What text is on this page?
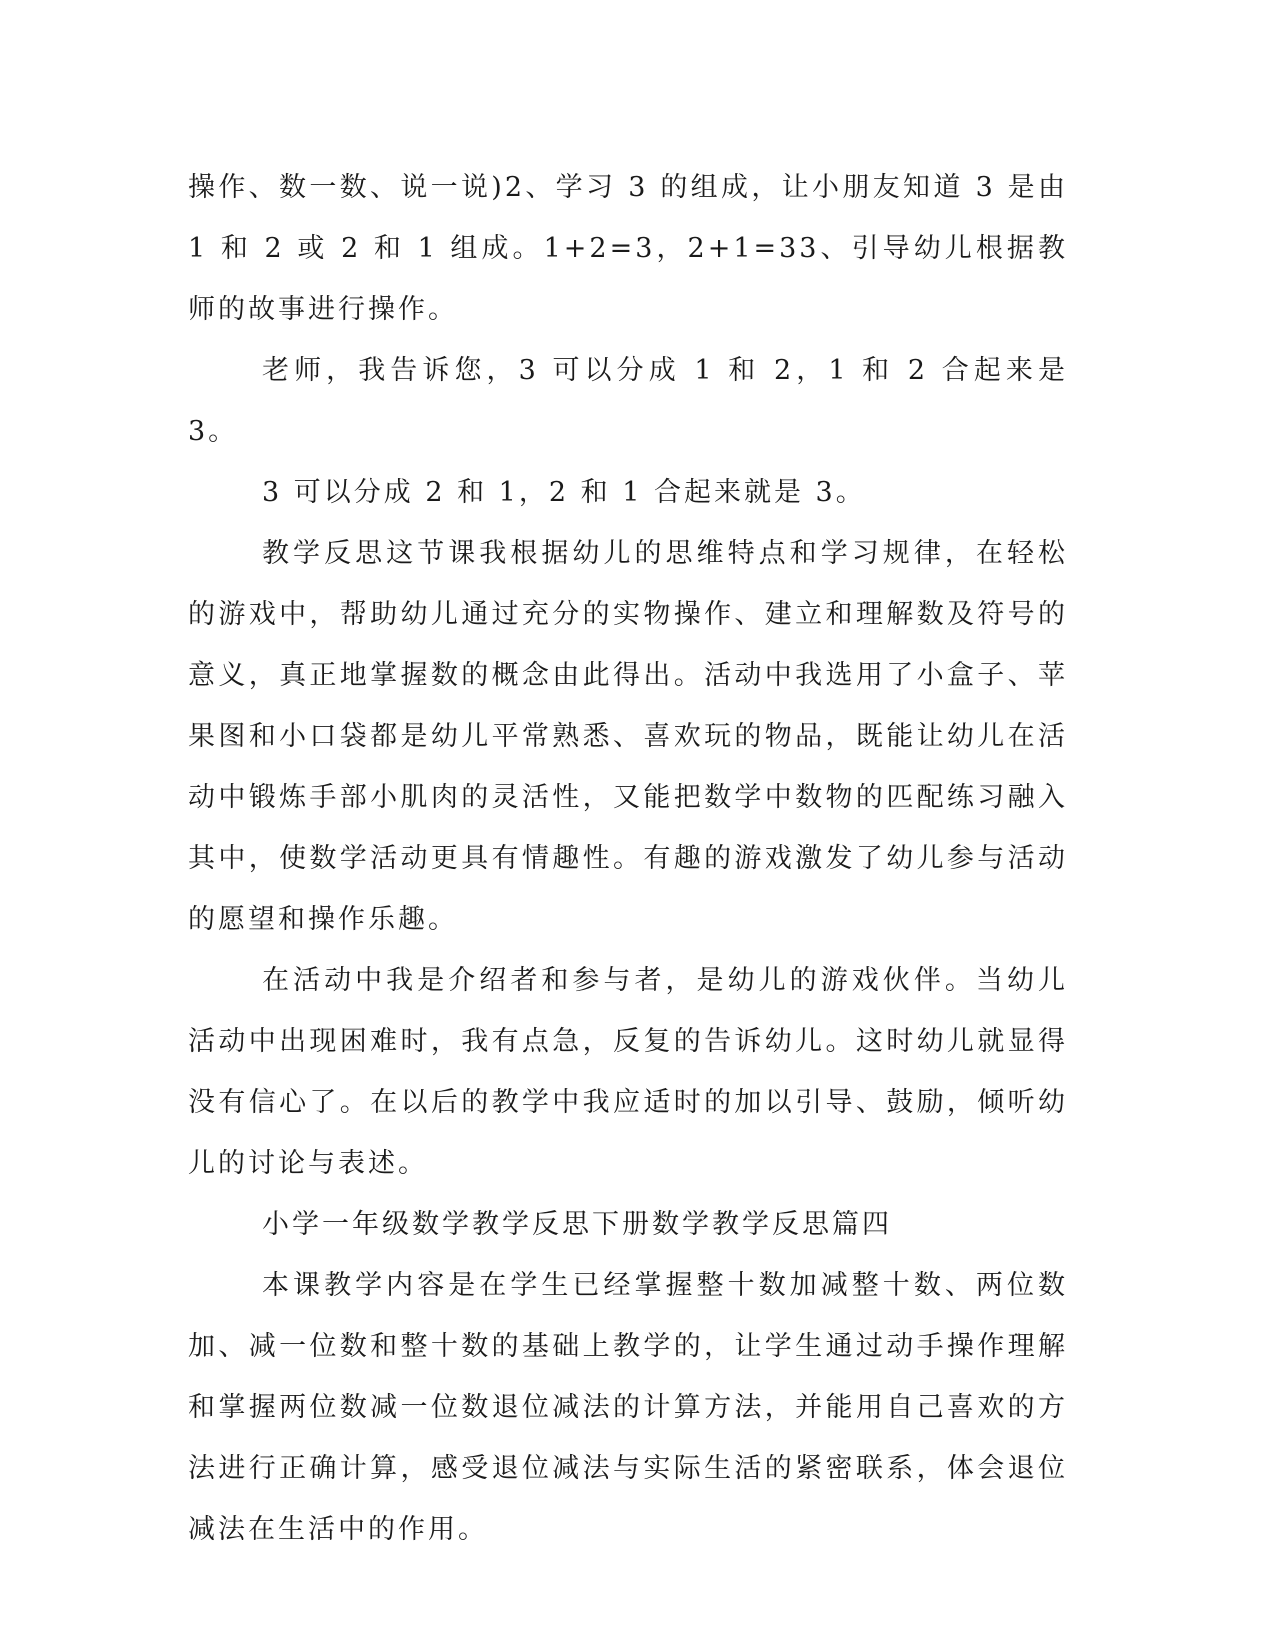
操作、数一数、说一说)2、学习 3 的组成，让小朋友知道 3 是由 1 和 2 或 2 和 1 组成。1+2=3，2+1=33、引导幼儿根据教师的故事进行操作。

老师，我告诉您，3 可以分成 1 和 2，1 和 2 合起来是 3。

3 可以分成 2 和 1，2 和 1 合起来就是 3。

教学反思这节课我根据幼儿的思维特点和学习规律，在轻松的游戏中，帮助幼儿通过充分的实物操作、建立和理解数及符号的意义，真正地掌握数的概念由此得出。活动中我选用了小盒子、苹果图和小口袋都是幼儿平常熟悉、喜欢玩的物品，既能让幼儿在活动中锻炼手部小肌肉的灵活性，又能把数学中数物的匹配练习融入其中，使数学活动更具有情趣性。有趣的游戏激发了幼儿参与活动的愿望和操作乐趣。

在活动中我是介绍者和参与者，是幼儿的游戏伙伴。当幼儿活动中出现困难时，我有点急，反复的告诉幼儿。这时幼儿就显得没有信心了。在以后的教学中我应适时的加以引导、鼓励，倾听幼儿的讨论与表述。

小学一年级数学教学反思下册数学教学反思篇四

本课教学内容是在学生已经掌握整十数加减整十数、两位数加、减一位数和整十数的基础上教学的，让学生通过动手操作理解和掌握两位数减一位数退位减法的计算方法，并能用自己喜欢的方法进行正确计算，感受退位减法与实际生活的紧密联系，体会退位减法在生活中的作用。
